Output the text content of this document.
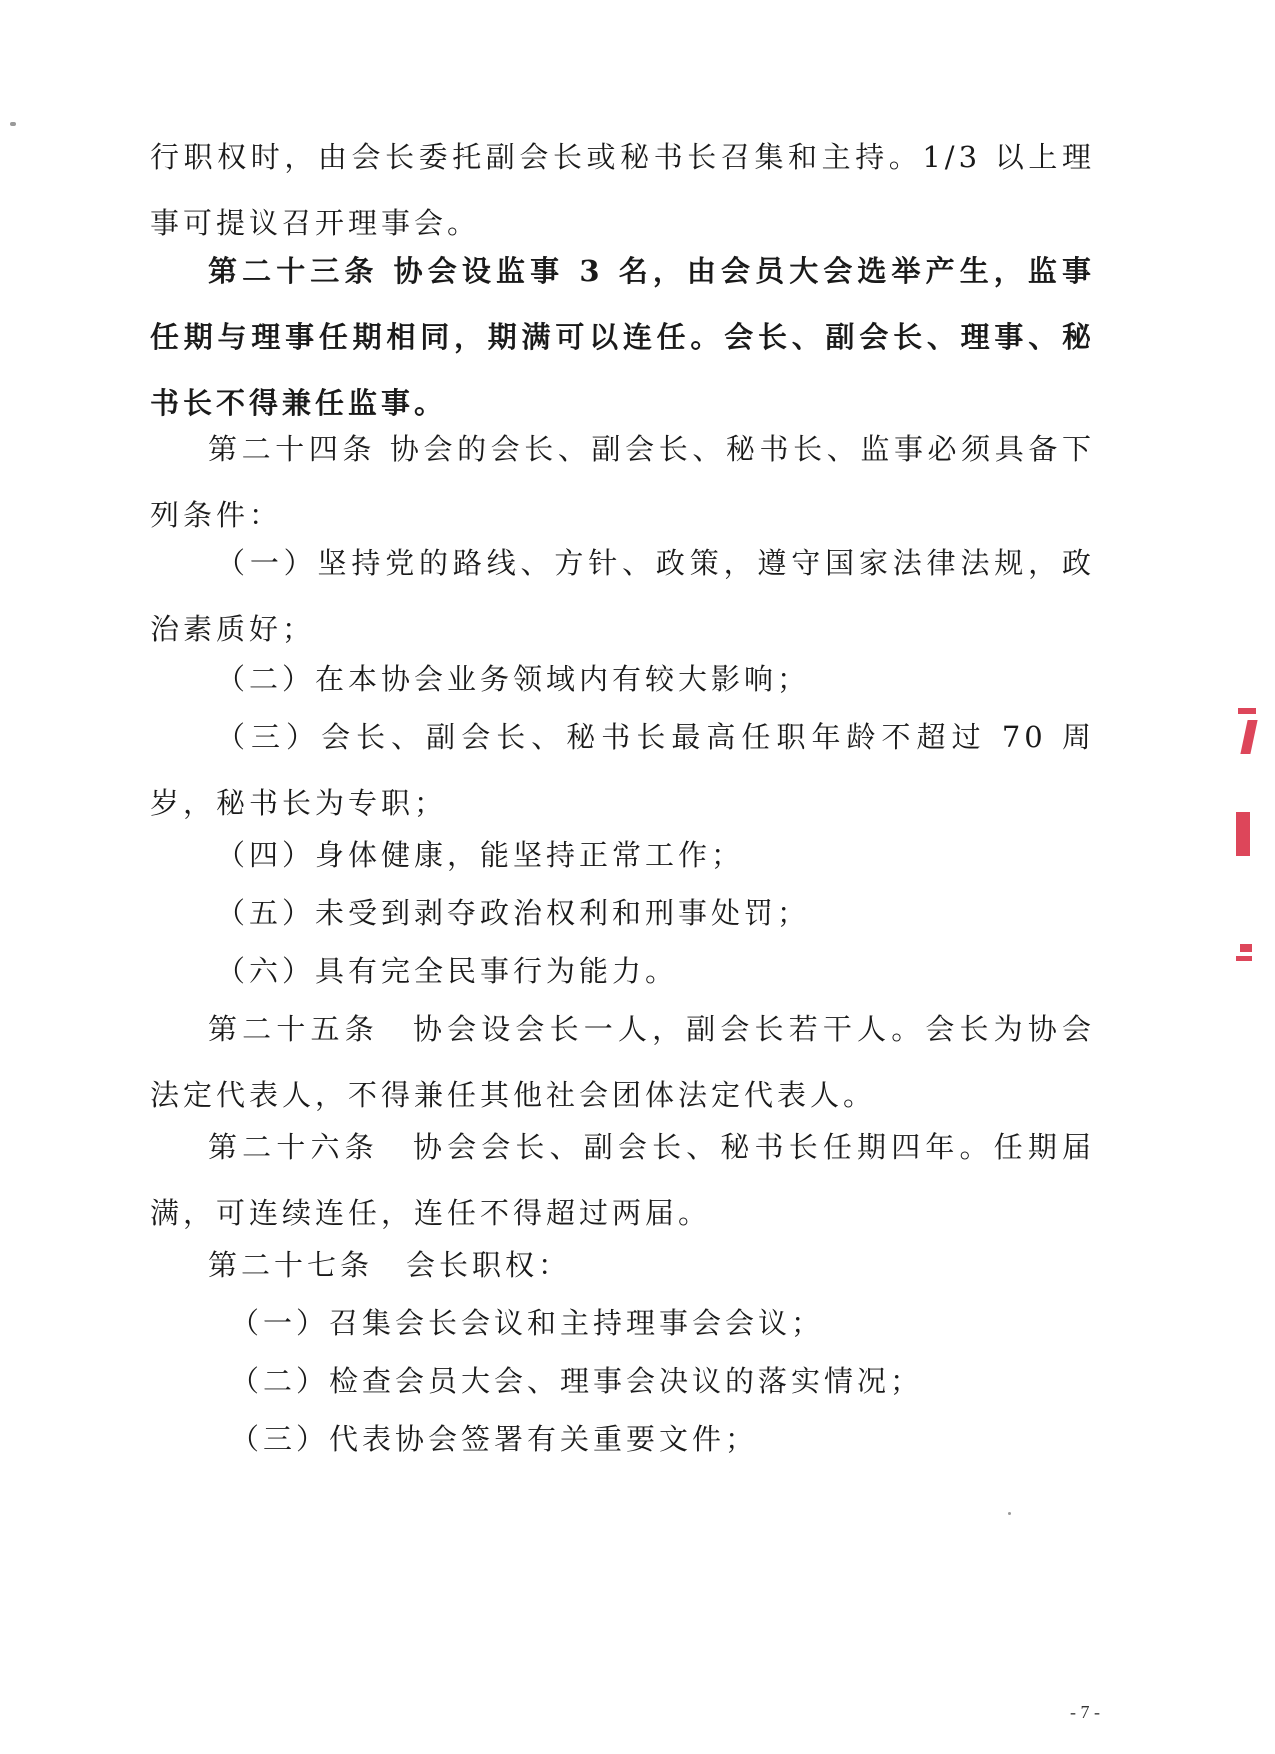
行职权时，由会长委托副会长或秘书长召集和主持。1/3 以上理事可提议召开理事会。
第二十三条 协会设监事 3 名，由会员大会选举产生，监事任期与理事任期相同，期满可以连任。会长、副会长、理事、秘书长不得兼任监事。
第二十四条 协会的会长、副会长、秘书长、监事必须具备下列条件：
（一）坚持党的路线、方针、政策，遵守国家法律法规，政治素质好；
（二）在本协会业务领域内有较大影响；
（三）会长、副会长、秘书长最高任职年龄不超过 70 周岁，秘书长为专职；
（四）身体健康，能坚持正常工作；
（五）未受到剥夺政治权利和刑事处罚；
（六）具有完全民事行为能力。
第二十五条　协会设会长一人，副会长若干人。会长为协会法定代表人，不得兼任其他社会团体法定代表人。
第二十六条　协会会长、副会长、秘书长任期四年。任期届满，可连续连任，连任不得超过两届。
第二十七条　会长职权：
（一）召集会长会议和主持理事会会议；
（二）检查会员大会、理事会决议的落实情况；
（三）代表协会签署有关重要文件；
- 7 -
